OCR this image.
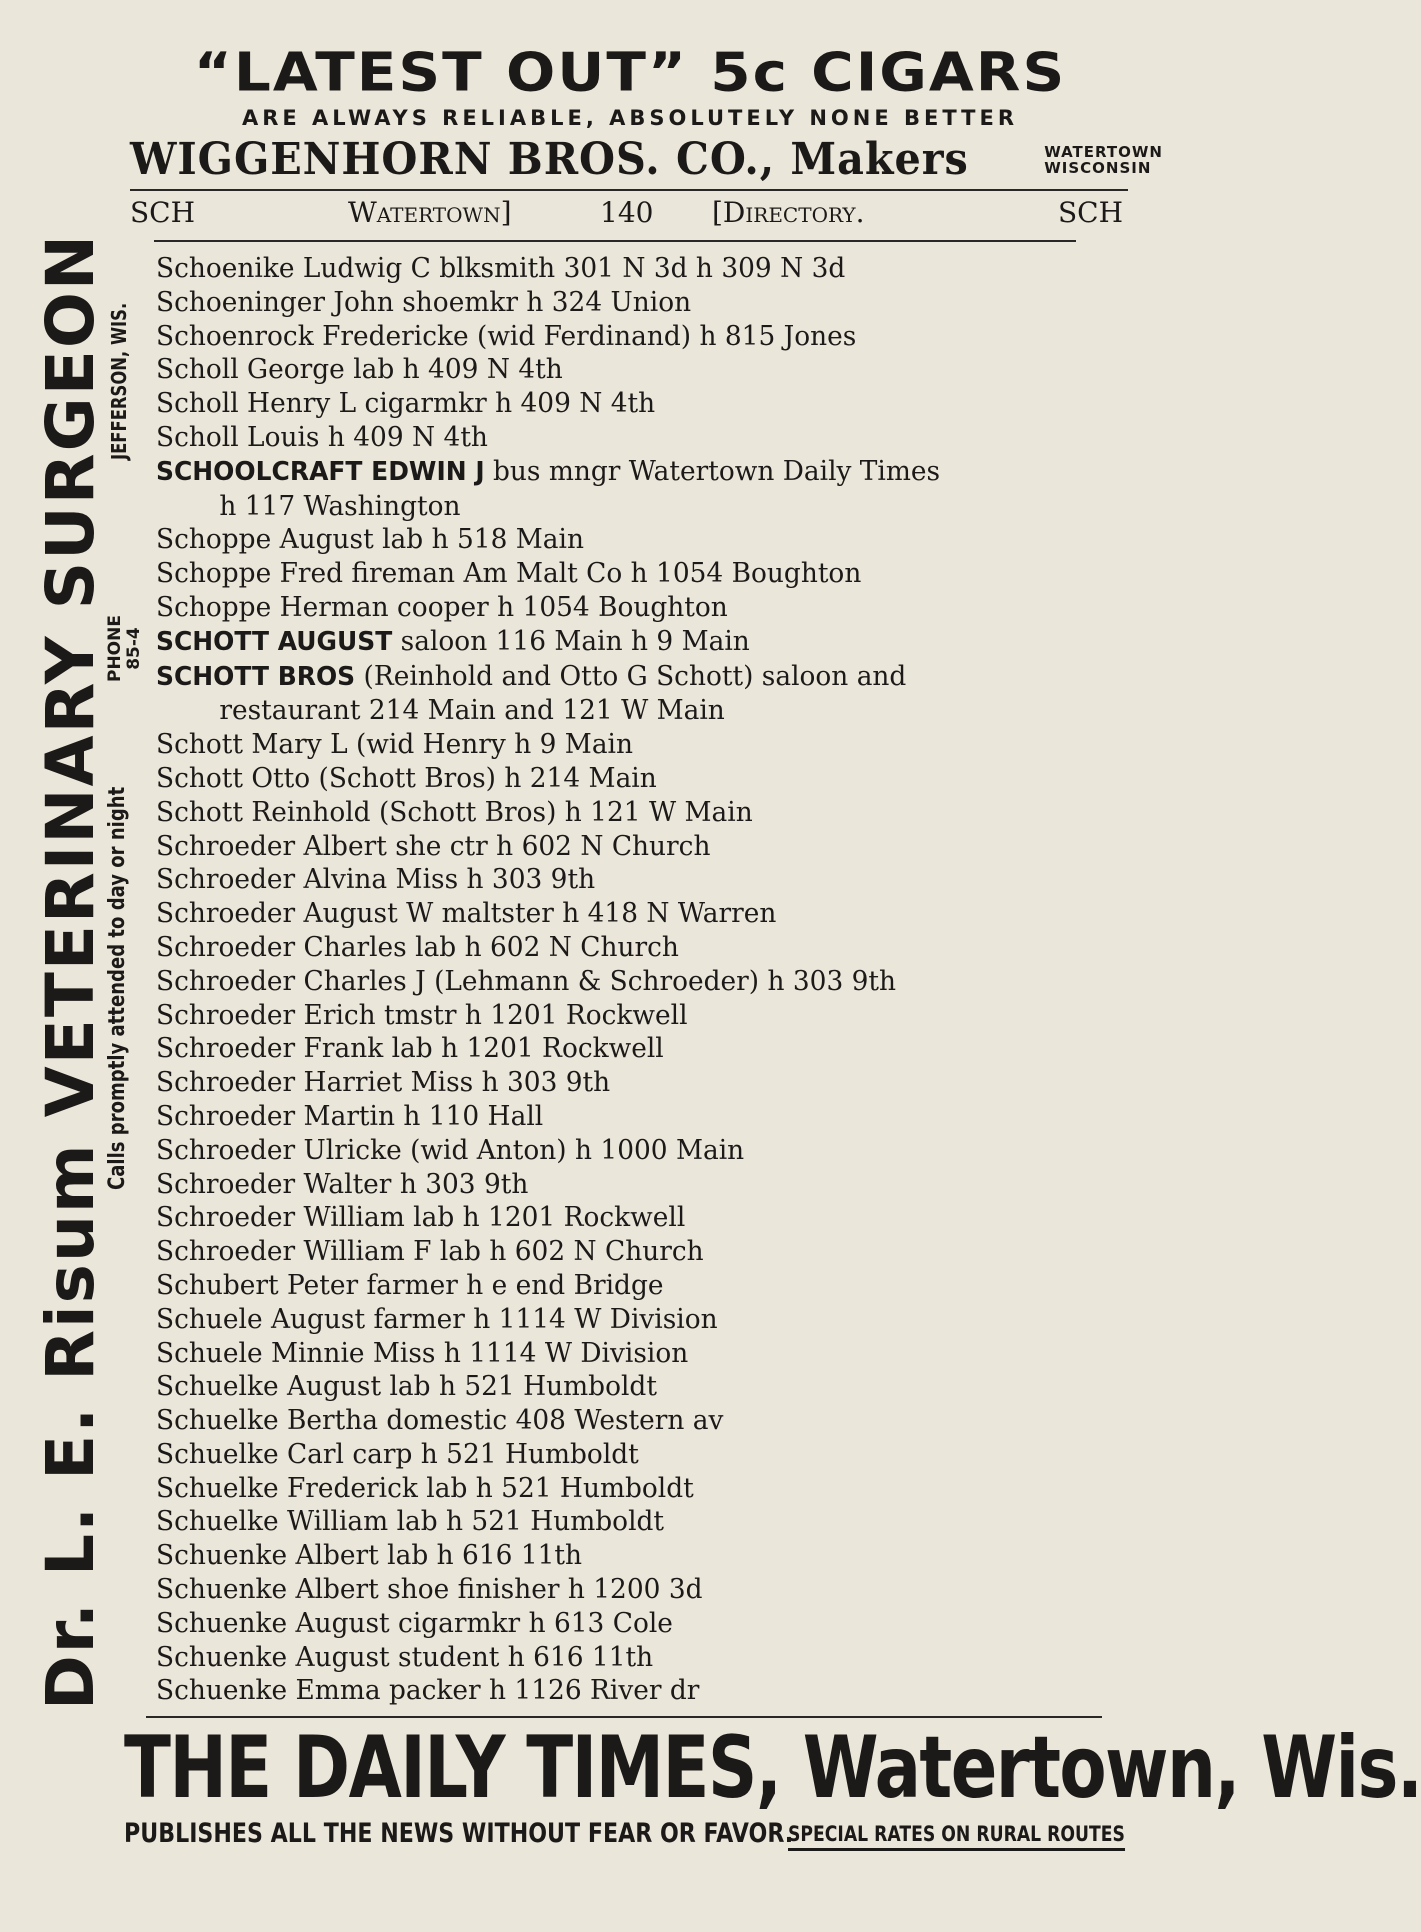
“LATEST OUT” 5c CIGARS
ARE ALWAYS RELIABLE, ABSOLUTELY NONE BETTER
WIGGENHORN BROS. CO., Makers	WATERTOWN
WISCONSIN
SCH	Watertown]	140 [Directory.	SCH
Dr. L. E. Risum VETERINARY SURGEON
Calls promptly attended to day or night
PHONE
85-4
JEFFERSON, WIS.
Schoenike Ludwig C blksmith 301 N 3d h 309 N 3d
Schoeninger John shoemkr h 324 Union
Schoenrock Fredericke (wid Ferdinand) h 815 Jones
Scholl George lab h 409 N 4th
Scholl Henry L cigarmkr h 409 N 4th
Scholl Louis h 409 N 4th
SCHOOLCRAFT EDWIN J bus mngr Watertown Daily Times
h 117 Washington
Schoppe August lab h 518 Main
Schoppe Fred fireman Am Malt Co h 1054 Boughton
Schoppe Herman cooper h 1054 Boughton
SCHOTT AUGUST saloon 116 Main h 9 Main
SCHOTT BROS (Reinhold and Otto G Schott) saloon and
restaurant 214 Main and 121 W Main
Schott Mary L (wid Henry h 9 Main
Schott Otto (Schott Bros) h 214 Main
Schott Reinhold (Schott Bros) h 121 W Main
Schroeder Albert she ctr h 602 N Church
Schroeder Alvina Miss h 303 9th
Schroeder August W maltster h 418 N Warren
Schroeder Charles lab h 602 N Church
Schroeder Charles J (Lehmann & Schroeder) h 303 9th
Schroeder Erich tmstr h 1201 Rockwell
Schroeder Frank lab h 1201 Rockwell
Schroeder Harriet Miss h 303 9th
Schroeder Martin h 110 Hall
Schroeder Ulricke (wid Anton) h 1000 Main
Schroeder Walter h 303 9th
Schroeder William lab h 1201 Rockwell
Schroeder William F lab h 602 N Church
Schubert Peter farmer h e end Bridge
Schuele August farmer h 1114 W Division
Schuele Minnie Miss h 1114 W Division
Schuelke August lab h 521 Humboldt
Schuelke Bertha domestic 408 Western av
Schuelke Carl carp h 521 Humboldt
Schuelke Frederick lab h 521 Humboldt
Schuelke William lab h 521 Humboldt
Schuenke Albert lab h 616 11th
Schuenke Albert shoe finisher h 1200 3d
Schuenke August cigarmkr h 613 Cole
Schuenke August student h 616 11th
Schuenke Emma packer h 1126 River dr
THE DAILY TIMES, Watertown, Wis.
PUBLISHES ALL THE NEWS WITHOUT FEAR OR FAVOR.
SPECIAL RATES ON RURAL ROUTES
